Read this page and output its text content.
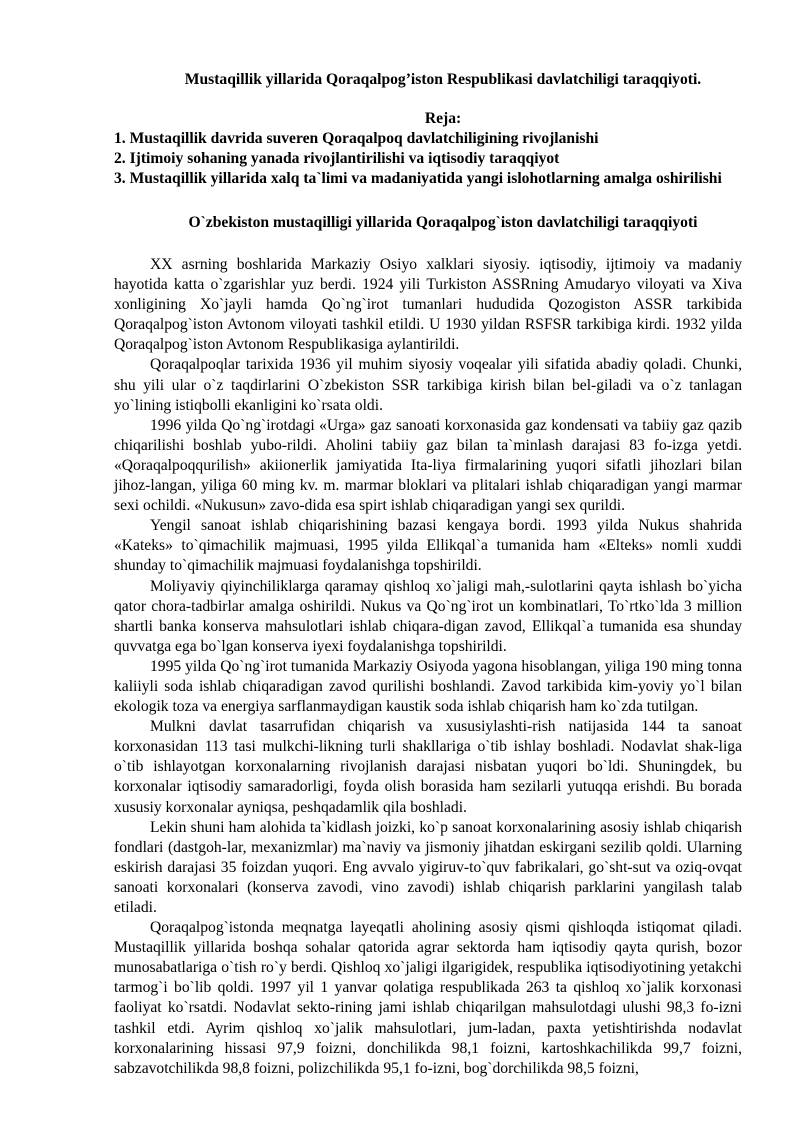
Mustaqillik yillarida Qoraqalpog’iston Respublikasi davlatchiligi taraqqiyoti.
Reja:
1. Mustaqillik davrida suveren Qoraqalpoq davlatchiligining rivojlanishi
2. Ijtimoiy sohaning yanada rivojlantirilishi va iqtisodiy taraqqiyot
3. Mustaqillik yillarida xalq ta`limi va madaniyatida yangi islohotlarning amalga oshirilishi
O`zbekiston mustaqilligi yillarida Qoraqalpog`iston davlatchiligi taraqqiyoti

XX asrning boshlarida Markaziy Osiyo xalklari siyosiy. iqtisodiy, ijtimoiy va madaniy hayotida katta o`zgarishlar yuz berdi. 1924 yili Turkiston ASSRning Amudaryo viloyati va Xiva xonligining Xo`jayli hamda Qo`ng`irot tumanlari hududida Qozogiston ASSR tarkibida Qoraqalpog`iston Avtonom viloyati tashkil etildi. U 1930 yildan RSFSR tarkibiga kirdi. 1932 yilda Qoraqalpog`iston Avtonom Respublikasiga aylantirildi.

Qoraqalpoqlar tarixida 1936 yil muhim siyosiy voqealar yili sifatida abadiy qoladi. Chunki, shu yili ular o`z taqdirlarini O`zbekiston SSR tarkibiga kirish bilan bel-giladi va o`z tanlagan yo`lining istiqbolli ekanligini ko`rsata oldi.

1996 yilda Qo`ng`irotdagi «Urga» gaz sanoati korxonasida gaz kondensati va tabiiy gaz qazib chiqarilishi boshlab yubo-rildi. Aholini tabiiy gaz bilan ta`minlash darajasi 83 fo-izga yetdi. «Qoraqalpoqqurilish» akiionerlik jamiyatida Ita-liya firmalarining yuqori sifatli jihozlari bilan jihoz-langan, yiliga 60 ming kv. m. marmar bloklari va plitalari ishlab chiqaradigan yangi marmar sexi ochildi. «Nukusun» zavo-dida esa spirt ishlab chiqaradigan yangi sex qurildi.

Yengil sanoat ishlab chiqarishining bazasi kengaya bordi. 1993 yilda Nukus shahrida «Kateks» to`qimachilik majmuasi, 1995 yilda Ellikqal`a tumanida ham «Elteks» nomli xuddi shunday to`qimachilik majmuasi foydalanishga topshirildi.

Moliyaviy qiyinchiliklarga qaramay qishloq xo`jaligi mah,-sulotlarini qayta ishlash bo`yicha qator chora-tadbirlar amalga oshirildi. Nukus va Qo`ng`irot un kombinatlari, To`rtko`lda 3 million shartli banka konserva mahsulotlari ishlab chiqara-digan zavod, Ellikqal`a tumanida esa shunday quvvatga ega bo`lgan konserva iyexi foydalanishga topshirildi.

1995 yilda Qo`ng`irot tumanida Markaziy Osiyoda yagona hisoblangan, yiliga 190 ming tonna kaliiyli soda ishlab chiqaradigan zavod qurilishi boshlandi. Zavod tarkibida kim-yoviy yo`l bilan ekologik toza va energiya sarflanmaydigan kaustik soda ishlab chiqarish ham ko`zda tutilgan.

Mulkni davlat tasarrufidan chiqarish va xususiylashti-rish natijasida 144 ta sanoat korxonasidan 113 tasi mulkchi-likning turli shakllariga o`tib ishlay boshladi. Nodavlat shak-liga o`tib ishlayotgan korxonalarning rivojlanish darajasi nisbatan yuqori bo`ldi. Shuningdek, bu korxonalar iqtisodiy samaradorligi, foyda olish borasida ham sezilarli yutuqqa erishdi. Bu borada xususiy korxonalar ayniqsa, peshqadamlik qila boshladi.

Lekin shuni ham alohida ta`kidlash joizki, ko`p sanoat korxonalarining asosiy ishlab chiqarish fondlari (dastgoh-lar, mexanizmlar) ma`naviy va jismoniy jihatdan eskirgani sezilib qoldi. Ularning eskirish darajasi 35 foizdan yuqori. Eng avvalo yigiruv-to`quv fabrikalari, go`sht-sut va oziq-ovqat sanoati korxonalari (konserva zavodi, vino zavodi) ishlab chiqarish parklarini yangilash talab etiladi.

Qoraqalpog`istonda meqnatga layeqatli aholining asosiy qismi qishloqda istiqomat qiladi. Mustaqillik yillarida boshqa sohalar qatorida agrar sektorda ham iqtisodiy qayta qurish, bozor munosabatlariga o`tish ro`y berdi. Qishloq xo`jaligi ilgarigidek, respublika iqtisodiyotining yetakchi tarmog`i bo`lib qoldi. 1997 yil 1 yanvar qolatiga respublikada 263 ta qishloq xo`jalik korxonasi faoliyat ko`rsatdi. Nodavlat sekto-rining jami ishlab chiqarilgan mahsulotdagi ulushi 98,3 fo-izni tashkil etdi. Ayrim qishloq xo`jalik mahsulotlari, jum-ladan, paxta yetishtirishda nodavlat korxonalarining hissasi 97,9 foizni, donchilikda 98,1 foizni, kartoshkachilikda 99,7 foizni, sabzavotchilikda 98,8 foizni, polizchilikda 95,1 fo-izni, bog`dorchilikda 98,5 foizni,
